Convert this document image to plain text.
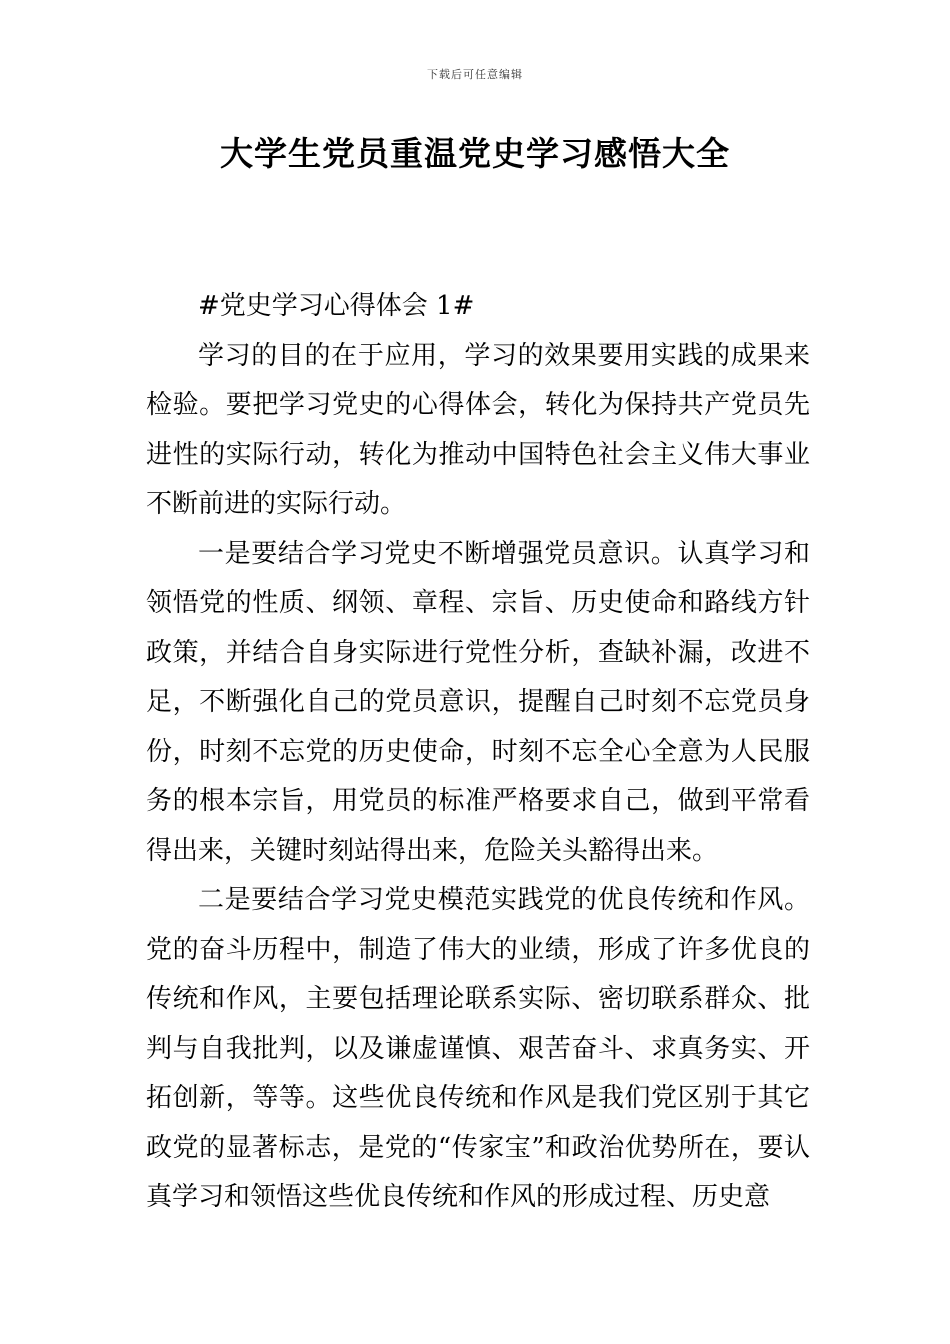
下载后可任意编辑
大学生党员重温党史学习感悟大全

#党史学习心得体会 1#

学习的目的在于应用，学习的效果要用实践的成果来检验。要把学习党史的心得体会，转化为保持共产党员先进性的实际行动，转化为推动中国特色社会主义伟大事业不断前进的实际行动。

一是要结合学习党史不断增强党员意识。认真学习和领悟党的性质、纲领、章程、宗旨、历史使命和路线方针政策，并结合自身实际进行党性分析，查缺补漏，改进不足，不断强化自己的党员意识，提醒自己时刻不忘党员身份，时刻不忘党的历史使命，时刻不忘全心全意为人民服务的根本宗旨，用党员的标准严格要求自己，做到平常看得出来，关键时刻站得出来，危险关头豁得出来。

二是要结合学习党史模范实践党的优良传统和作风。党的奋斗历程中，制造了伟大的业绩，形成了许多优良的传统和作风，主要包括理论联系实际、密切联系群众、批判与自我批判，以及谦虚谨慎、艰苦奋斗、求真务实、开拓创新，等等。这些优良传统和作风是我们党区别于其它政党的显著标志，是党的“传家宝”和政治优势所在，要认真学习和领悟这些优良传统和作风的形成过程、历史意
